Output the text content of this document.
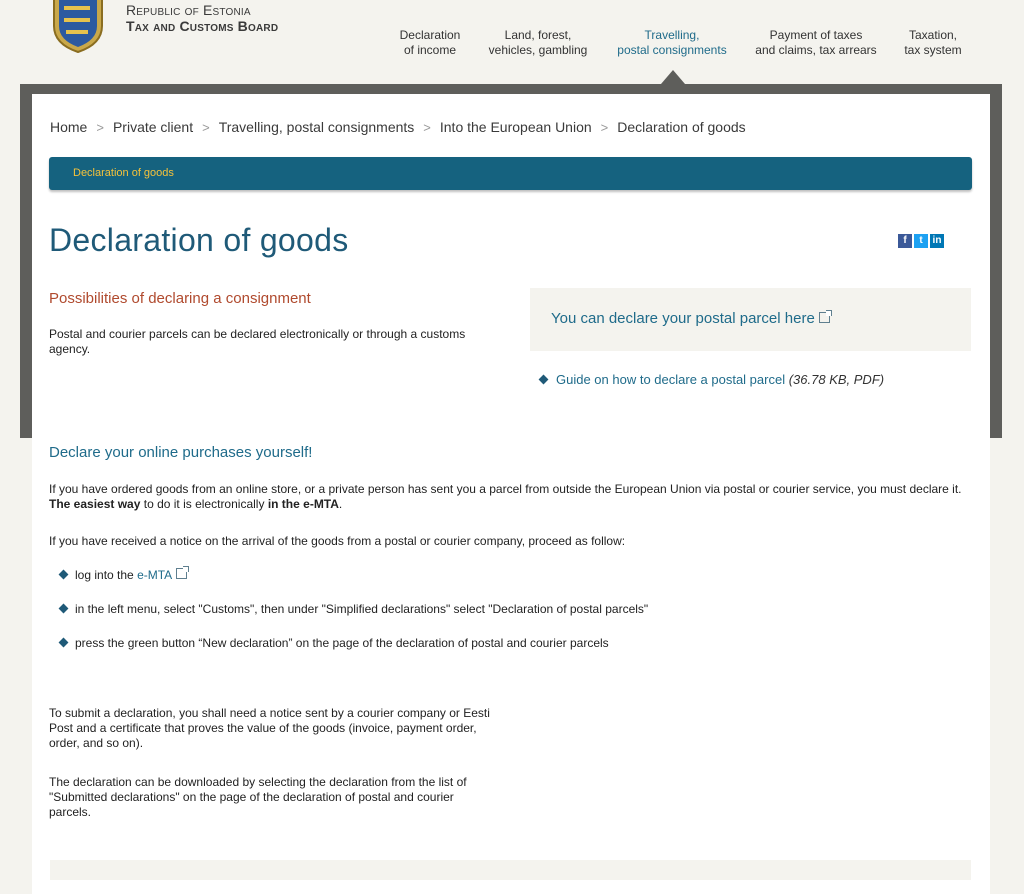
Republic of Estonia
Tax and Customs Board
Declaration
of income
Land, forest,
vehicles, gambling
Travelling,
postal consignments
Payment of taxes
and claims, tax arrears
Taxation,
tax system
Home > Private client > Travelling, postal consignments > Into the European Union > Declaration of goods
Declaration of goods
Declaration of goods	f t in
Possibilities of declaring a consignment
Postal and courier parcels can be declared electronically or through a customs agency.
You can declare your postal parcel here
Guide on how to declare a postal parcel (36.78 KB, PDF)
Declare your online purchases yourself!
If you have ordered goods from an online store, or a private person has sent you a parcel from outside the European Union via postal or courier service, you must declare it. The easiest way to do it is electronically in the e-MTA.
If you have received a notice on the arrival of the goods from a postal or courier company, proceed as follow:
log into the e-MTA
in the left menu, select "Customs", then under "Simplified declarations" select "Declaration of postal parcels"
press the green button “New declaration” on the page of the declaration of postal and courier parcels
To submit a declaration, you shall need a notice sent by a courier company or Eesti Post and a certificate that proves the value of the goods (invoice, payment order, order, and so on).
The declaration can be downloaded by selecting the declaration from the list of "Submitted declarations" on the page of the declaration of postal and courier parcels.
